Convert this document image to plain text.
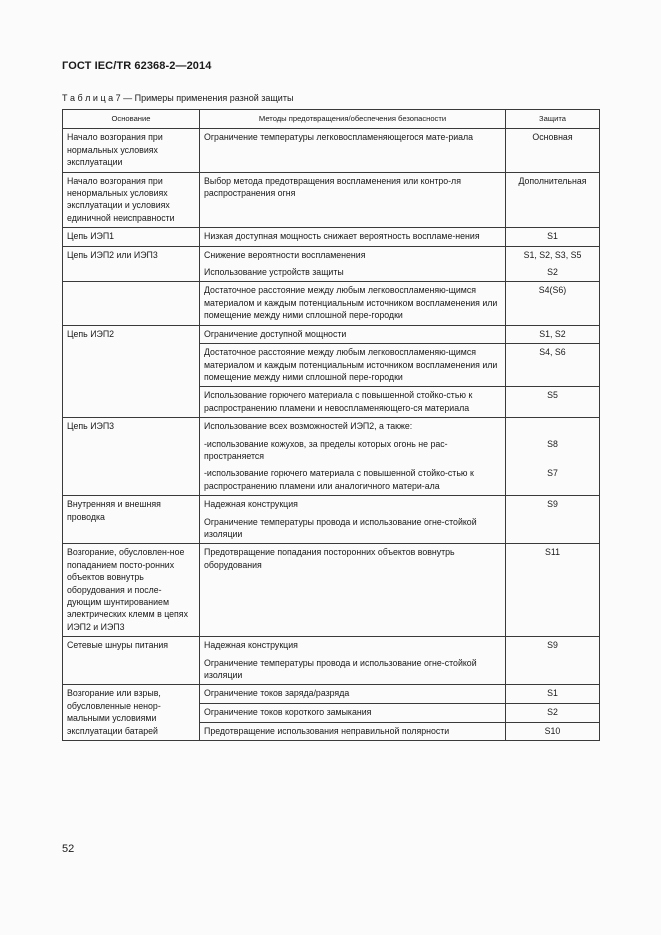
ГОСТ IEC/TR 62368-2—2014
Т а б л и ц а 7 — Примеры применения разной защиты
Основание	Методы предотвращения/обеспечения безопасности	Защита
Начало возгорания при нормальных условиях эксплуатации	Ограничение температуры легковоспламеняющегося мате-риала	Основная
Начало возгорания при ненормальных условиях эксплуатации и условиях единичной неисправности	Выбор метода предотвращения воспламенения или контро-ля распространения огня	Дополнительная
Цепь ИЭП1	Низкая доступная мощность снижает вероятность воспламе-нения	S1
Цепь ИЭП2 или ИЭП3	Снижение вероятности воспламенения	S1, S2, S3, S5
	Использование устройств защиты	S2
	Достаточное расстояние между любым легковоспламеняю-щимся материалом и каждым потенциальным источником воспламенения или помещение между ними сплошной пере-городки	S4(S6)
Цепь ИЭП2	Ограничение доступной мощности	S1, S2
	Достаточное расстояние между любым легковоспламеняю-щимся материалом и каждым потенциальным источником воспламенения или помещение между ними сплошной пере-городки	S4, S6
	Использование горючего материала с повышенной стойко-стью к распространению пламени и невоспламеняющего-ся материала	S5
Цепь ИЭП3	Использование всех возможностей ИЭП2, а также:	
	-использование кожухов, за пределы которых огонь не рас-пространяется	S8
	-использование горючего материала с повышенной стойко-стью к распространению пламени или аналогичного матери-ала	S7
Внутренняя и внешняя проводка	Надежная конструкция	S9
	Ограничение температуры провода и использование огне-стойкой изоляции	
Возгорание, обусловлен-ное попаданием посто-ронних объектов вовнутрь оборудования и после-дующим шунтированием электрических клемм в цепях ИЭП2 и ИЭП3	Предотвращение попадания посторонних объектов вовнутрь оборудования	S11
Сетевые шнуры питания	Надежная конструкция	S9
	Ограничение температуры провода и использование огне-стойкой изоляции	
Возгорание или взрыв, обусловленные ненор-мальными условиями эксплуатации батарей	Ограничение токов заряда/разряда	S1
	Ограничение токов короткого замыкания	S2
	Предотвращение использования неправильной полярности	S10
52
